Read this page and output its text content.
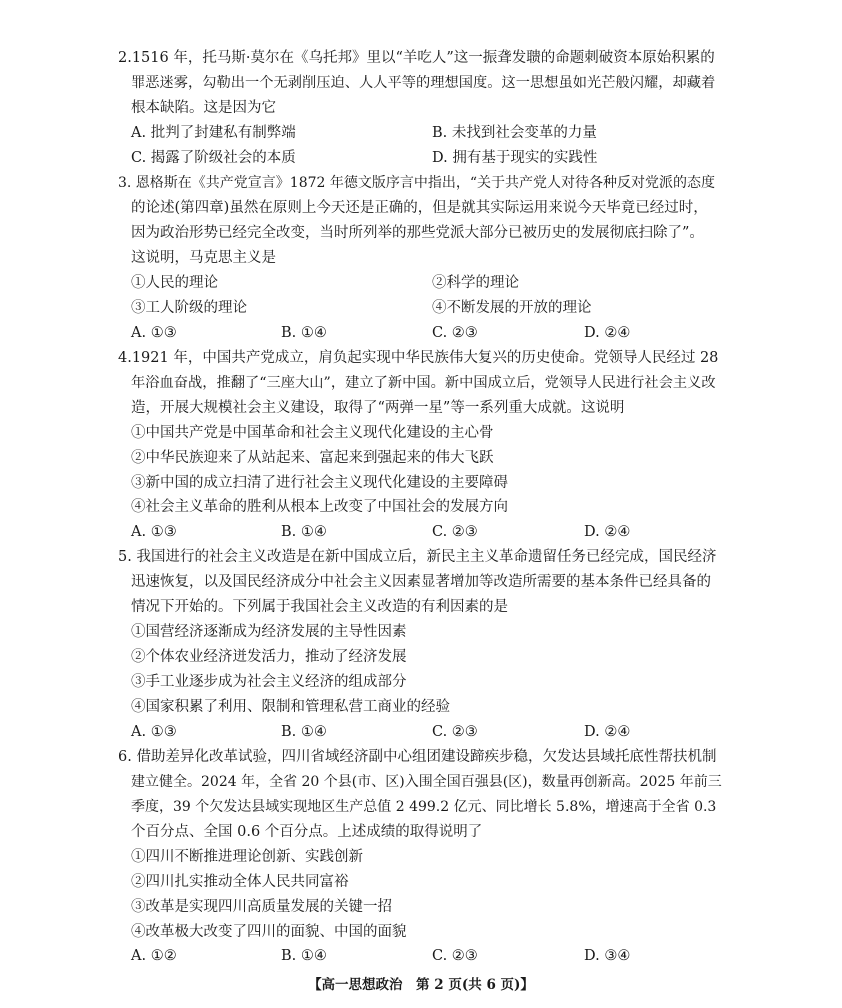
2.1516 年，托马斯·莫尔在《乌托邦》里以“羊吃人”这一振聋发聩的命题刺破资本原始积累的
罪恶迷雾，勾勒出一个无剥削压迫、人人平等的理想国度。这一思想虽如光芒般闪耀，却藏着
根本缺陷。这是因为它
A. 批判了封建私有制弊端	B. 未找到社会变革的力量
C. 揭露了阶级社会的本质	D. 拥有基于现实的实践性
3. 恩格斯在《共产党宣言》1872 年德文版序言中指出，“关于共产党人对待各种反对党派的态度
的论述(第四章)虽然在原则上今天还是正确的，但是就其实际运用来说今天毕竟已经过时，
因为政治形势已经完全改变，当时所列举的那些党派大部分已被历史的发展彻底扫除了”。
这说明，马克思主义是
①人民的理论	②科学的理论
③工人阶级的理论	④不断发展的开放的理论
A. ①③	B. ①④	C. ②③	D. ②④
4.1921 年，中国共产党成立，肩负起实现中华民族伟大复兴的历史使命。党领导人民经过 28
年浴血奋战，推翻了“三座大山”，建立了新中国。新中国成立后，党领导人民进行社会主义改
造，开展大规模社会主义建设，取得了“两弹一星”等一系列重大成就。这说明
①中国共产党是中国革命和社会主义现代化建设的主心骨
②中华民族迎来了从站起来、富起来到强起来的伟大飞跃
③新中国的成立扫清了进行社会主义现代化建设的主要障碍
④社会主义革命的胜利从根本上改变了中国社会的发展方向
A. ①③	B. ①④	C. ②③	D. ②④
5. 我国进行的社会主义改造是在新中国成立后，新民主主义革命遗留任务已经完成，国民经济
迅速恢复，以及国民经济成分中社会主义因素显著增加等改造所需要的基本条件已经具备的
情况下开始的。下列属于我国社会主义改造的有利因素的是
①国营经济逐渐成为经济发展的主导性因素
②个体农业经济迸发活力，推动了经济发展
③手工业逐步成为社会主义经济的组成部分
④国家积累了利用、限制和管理私营工商业的经验
A. ①③	B. ①④	C. ②③	D. ②④
6. 借助差异化改革试验，四川省域经济副中心组团建设蹄疾步稳，欠发达县域托底性帮扶机制
建立健全。2024 年，全省 20 个县(市、区)入围全国百强县(区)，数量再创新高。2025 年前三
季度，39 个欠发达县域实现地区生产总值 2 499.2 亿元、同比增长 5.8%，增速高于全省 0.3
个百分点、全国 0.6 个百分点。上述成绩的取得说明了
①四川不断推进理论创新、实践创新
②四川扎实推动全体人民共同富裕
③改革是实现四川高质量发展的关键一招
④改革极大改变了四川的面貌、中国的面貌
A. ①②	B. ①④	C. ②③	D. ③④
【高一思想政治　第 2 页(共 6 页)】
